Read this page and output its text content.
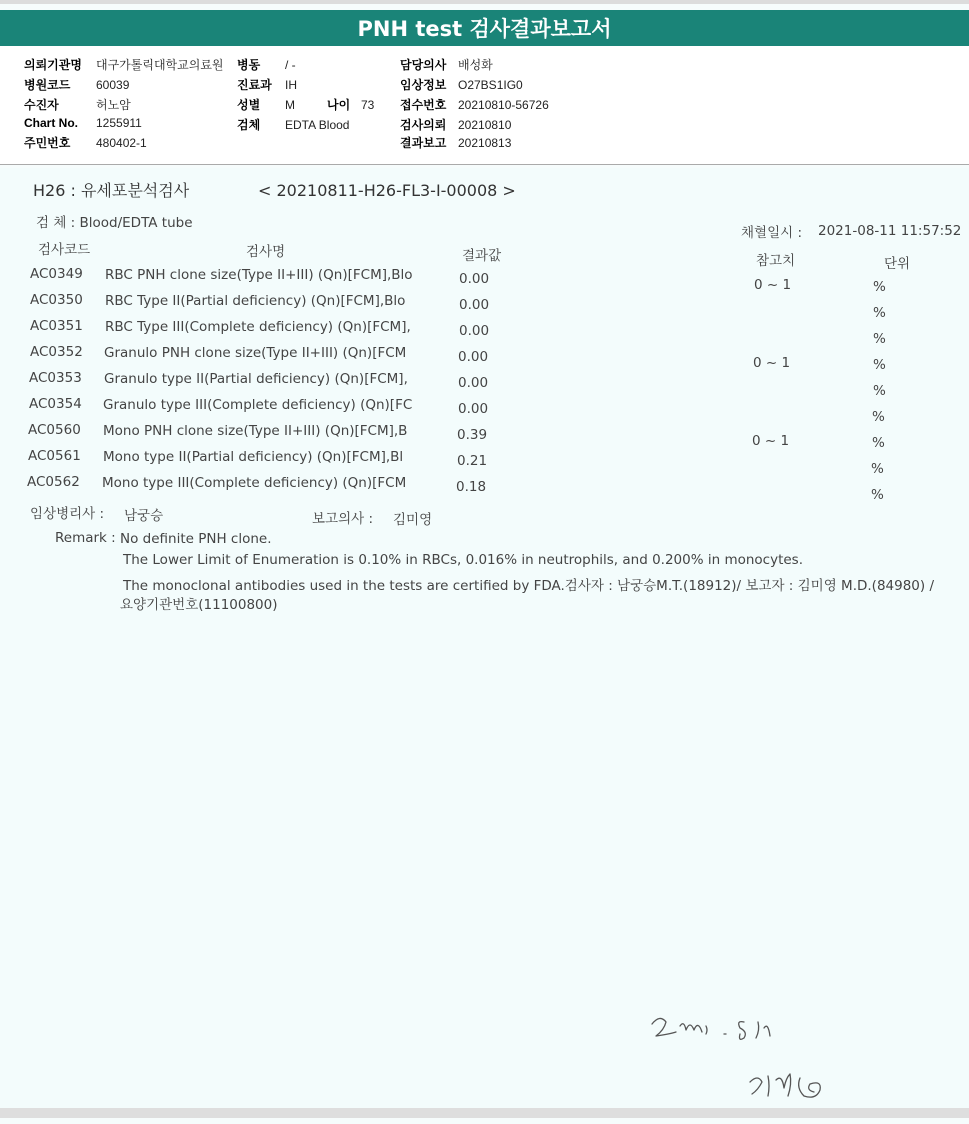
PNH test 검사결과보고서
의뢰기관명 대구가톨릭대학교의료원 병동 / -	담당의사 배성화
병원코드 60039	진료과 IH	임상정보 O27BS1IG0
수진자	허노암	성별 M	나이 73 접수번호 20210810-56726
Chart No. 1255911	검체 EDTA Blood	검사의뢰 20210810
주민번호 480402-1	결과보고 20210813
H26 : 유세포분석검사	< 20210811-H26-FL3-I-00008 >
검 체 : Blood/EDTA tube
채혈일시 : 2021-08-11 11:57:52
검사코드	검사명	결과값	참고치	단위
AC0349 RBC PNH clone size(Type II+III) (Qn)[FCM],Blo	0.00	0 ~ 1	%
AC0350 RBC Type II(Partial deficiency) (Qn)[FCM],Blo	0.00	%
AC0351 RBC Type III(Complete deficiency) (Qn)[FCM],	0.00	%
AC0352 Granulo PNH clone size(Type II+III) (Qn)[FCM	0.00	0 ~ 1	%
AC0353 Granulo type II(Partial deficiency) (Qn)[FCM],	0.00	%
AC0354 Granulo type III(Complete deficiency) (Qn)[FC	0.00	%
AC0560 Mono PNH clone size(Type II+III) (Qn)[FCM],B	0.39	0 ~ 1	%
AC0561 Mono type II(Partial deficiency) (Qn)[FCM],Bl	0.21	%
AC0562 Mono type III(Complete deficiency) (Qn)[FCM	0.18	%
임상병리사 : 남궁승	보고의사 : 김미영
Remark : No definite PNH clone.
The Lower Limit of Enumeration is 0.10% in RBCs, 0.016% in neutrophils, and 0.200% in monocytes.
The monoclonal antibodies used in the tests are certified by FDA.검사자 : 남궁승M.T.(18912)/ 보고자 : 김미영 M.D.(84980) /
요양기관번호(11100800)
